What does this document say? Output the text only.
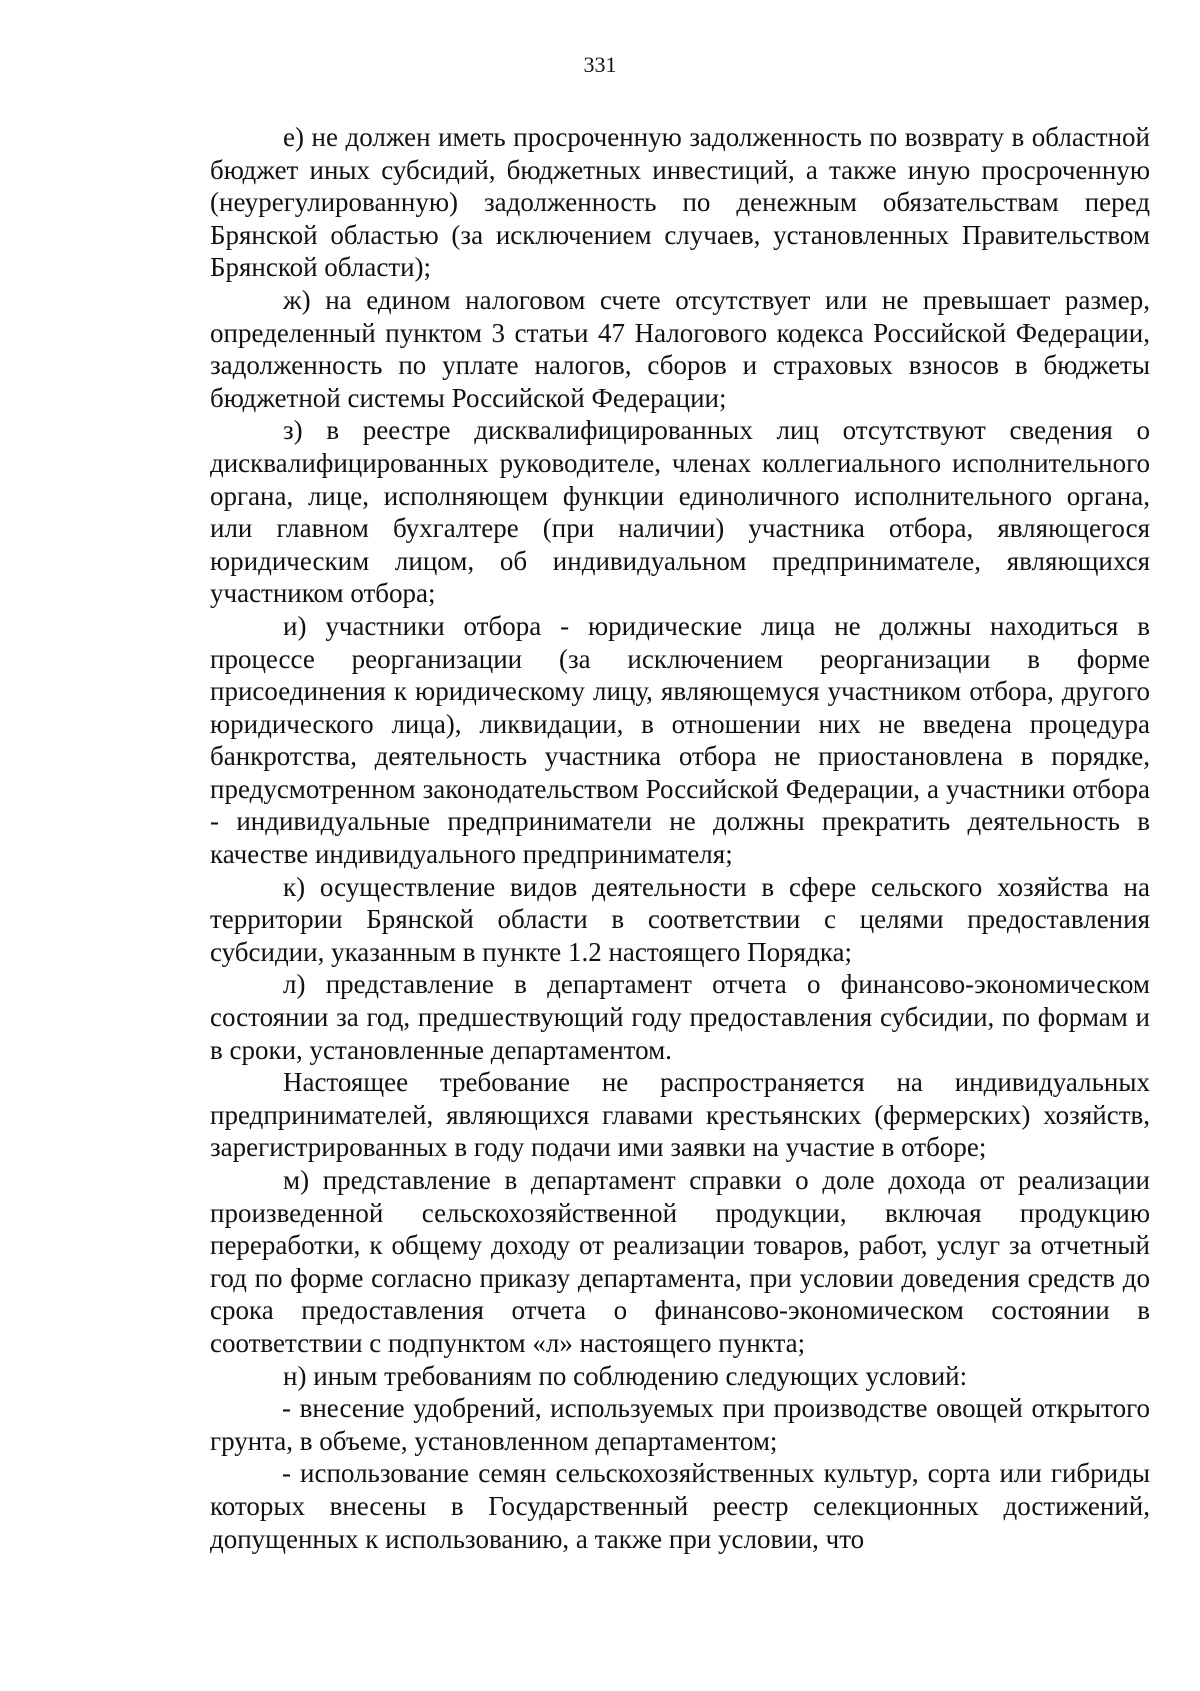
331

е) не должен иметь просроченную задолженность по возврату в областной бюджет иных субсидий, бюджетных инвестиций, а также иную просроченную (неурегулированную) задолженность по денежным обязательствам перед Брянской областью (за исключением случаев, установленных Правительством Брянской области);

ж) на едином налоговом счете отсутствует или не превышает размер, определенный пунктом 3 статьи 47 Налогового кодекса Российской Федерации, задолженность по уплате налогов, сборов и страховых взносов в бюджеты бюджетной системы Российской Федерации;

з) в реестре дисквалифицированных лиц отсутствуют сведения о дисквалифицированных руководителе, членах коллегиального исполнительного органа, лице, исполняющем функции единоличного исполнительного органа, или главном бухгалтере (при наличии) участника отбора, являющегося юридическим лицом, об индивидуальном предпринимателе, являющихся участником отбора;

и) участники отбора - юридические лица не должны находиться в процессе реорганизации (за исключением реорганизации в форме присоединения к юридическому лицу, являющемуся участником отбора, другого юридического лица), ликвидации, в отношении них не введена процедура банкротства, деятельность участника отбора не приостановлена в порядке, предусмотренном законодательством Российской Федерации, а участники отбора - индивидуальные предприниматели не должны прекратить деятельность в качестве индивидуального предпринимателя;

к) осуществление видов деятельности в сфере сельского хозяйства на территории Брянской области в соответствии с целями предоставления субсидии, указанным в пункте 1.2 настоящего Порядка;

л) представление в департамент отчета о финансово-экономическом состоянии за год, предшествующий году предоставления субсидии, по формам и в сроки, установленные департаментом.

Настоящее требование не распространяется на индивидуальных предпринимателей, являющихся главами крестьянских (фермерских) хозяйств, зарегистрированных в году подачи ими заявки на участие в отборе;

м) представление в департамент справки о доле дохода от реализации произведенной сельскохозяйственной продукции, включая продукцию переработки, к общему доходу от реализации товаров, работ, услуг за отчетный год по форме согласно приказу департамента, при условии доведения средств до срока предоставления отчета о финансово-экономическом состоянии в соответствии с подпунктом «л» настоящего пункта;

н) иным требованиям по соблюдению следующих условий:

- внесение удобрений, используемых при производстве овощей открытого грунта, в объеме, установленном департаментом;

- использование семян сельскохозяйственных культур, сорта или гибриды которых внесены в Государственный реестр селекционных достижений, допущенных к использованию, а также при условии, что
